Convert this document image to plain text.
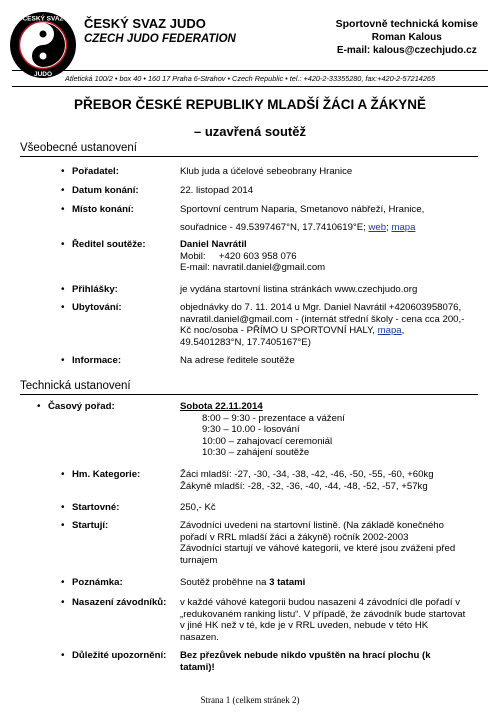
ČESKÝ SVAZ
JUDO
ČESKÝ SVAZ JUDO
CZECH JUDO FEDERATION
Sportovně technická komise
Roman Kalous
E-mail: kalous@czechjudo.cz
Atletická 100/2 • box 40 • 160 17 Praha 6-Strahov • Czech Republic • tel.: +420-2-33355280, fax:+420-2-57214265
PŘEBOR ČESKÉ REPUBLIKY MLADŠÍ ŽÁCI A ŽÁKYNĚ
– uzavřená soutěž
Všeobecné ustanovení
• Pořadatel:	Klub juda a účelové sebeobrany Hranice
• Datum konání:	22. listopad 2014
• Místo konání:	Sportovní centrum Naparia, Smetanovo nábřeží, Hranice,
souřadnice - 49.5397467°N, 17.7410619°E; web; mapa
• Ředitel soutěže:	Daniel Navrátil
Mobil:     +420 603 958 076
E-mail: navratil.daniel@gmail.com
• Přihlášky:	je vydána startovní listina stránkách www.czechjudo.org
• Ubytování:	objednávky do 7. 11. 2014 u Mgr. Daniel Navrátil +420603958076,
navratil.daniel@gmail.com - (internát střední školy - cena cca 200,-
Kč noc/osoba - PŘÍMO U SPORTOVNÍ HALY, mapa,
49.5401283°N, 17.7405167°E)
• Informace:	Na adrese ředitele soutěže
Technická ustanovení
• Časový pořad:	Sobota 22.11.2014
8:00 – 9:30 - prezentace a vážení
9:30 – 10.00 - losování
10:00 – zahajovací ceremoniál
10:30 – zahájení soutěže
• Hm. Kategorie:	Žáci mladší: -27, -30, -34, -38, -42, -46, -50, -55, -60, +60kg
Žákyně mladší: -28, -32, -36, -40, -44, -48, -52, -57, +57kg
• Startovné:	250,- Kč
• Startují:	Závodníci uvedeni na startovní listině. (Na základě konečného
pořadí v RRL mladší žáci a žákyně) ročník 2002-2003
Závodníci startují ve váhové kategorii, ve které jsou zváženi před
turnajem
• Poznámka:	Soutěž proběhne na 3 tatami
• Nasazení závodníků: v každé váhové kategorii budou nasazeni 4 závodníci dle pořadí v
„redukovaném ranking listu“. V případě, že závodník bude startovat
v jiné HK než v té, kde je v RRL uveden, nebude v této HK
nasazen.
• Důležité upozornění: Bez přezůvek nebude nikdo vpuštěn na hrací plochu (k
tatami)!
Strana 1 (celkem stránek 2)
